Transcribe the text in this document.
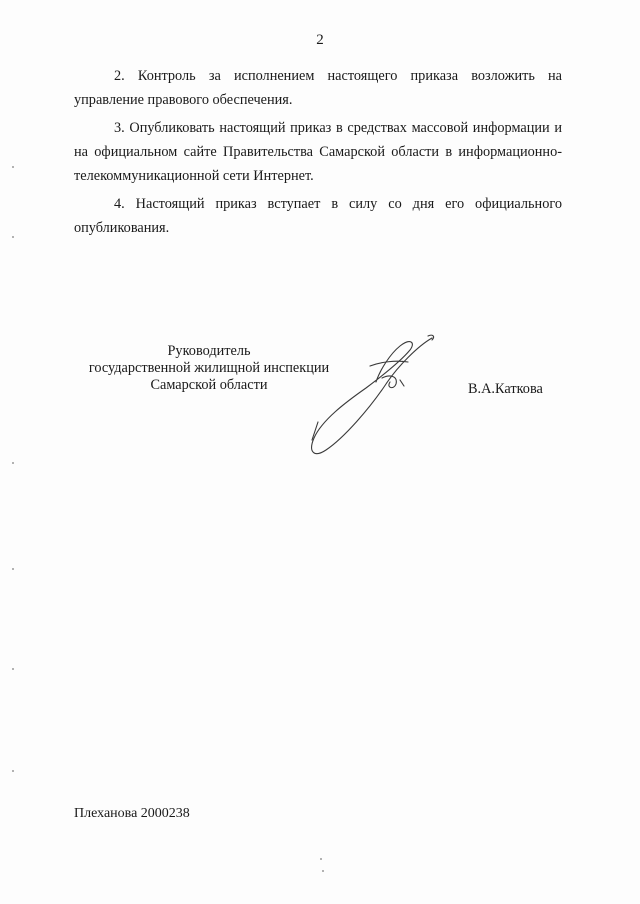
2

2. Контроль за исполнением настоящего приказа возложить на управление правового обеспечения.

3. Опубликовать настоящий приказ в средствах массовой информации и на официальном сайте Правительства Самарской области в информационно-телекоммуникационной сети Интернет.

4. Настоящий приказ вступает в силу со дня его официального опубликования.

Руководитель
государственной жилищной инспекции
Самарской области	В.А.Каткова
Плеханова 2000238
